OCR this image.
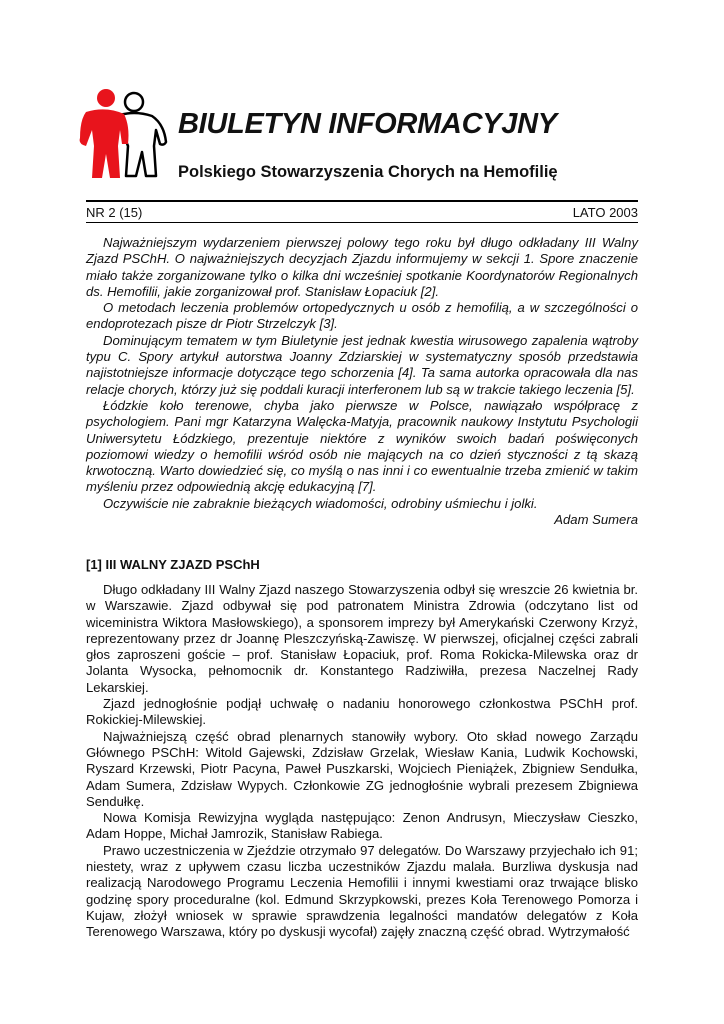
BIULETYN INFORMACYJNY
Polskiego Stowarzyszenia Chorych na Hemofilię
NR 2 (15)	LATO 2003

Najważniejszym wydarzeniem pierwszej polowy tego roku był długo odkładany III Walny Zjazd PSChH. O najważniejszych decyzjach Zjazdu informujemy w sekcji 1. Spore znaczenie miało także zorganizowane tylko o kilka dni wcześniej spotkanie Koordynatorów Regionalnych ds. Hemofilii, jakie zorganizował prof. Stanisław Łopaciuk [2].

O metodach leczenia problemów ortopedycznych u osób z hemofilią, a w szczególności o endoprotezach pisze dr Piotr Strzelczyk [3].

Dominującym tematem w tym Biuletynie jest jednak kwestia wirusowego zapalenia wątroby typu C. Spory artykuł autorstwa Joanny Zdziarskiej w systematyczny sposób przedstawia najistotniejsze informacje dotyczące tego schorzenia [4]. Ta sama autorka opracowała dla nas relacje chorych, którzy już się poddali kuracji interferonem lub są w trakcie takiego leczenia [5].

Łódzkie koło terenowe, chyba jako pierwsze w Polsce, nawiązało współpracę z psychologiem. Pani mgr Katarzyna Walęcka-Matyja, pracownik naukowy Instytutu Psychologii Uniwersytetu Łódzkiego, prezentuje niektóre z wyników swoich badań poświęconych poziomowi wiedzy o hemofilii wśród osób nie mających na co dzień styczności z tą skazą krwotoczną. Warto dowiedzieć się, co myślą o nas inni i co ewentualnie trzeba zmienić w takim myśleniu przez odpowiednią akcję edukacyjną [7].

Oczywiście nie zabraknie bieżących wiadomości, odrobiny uśmiechu i jolki.

Adam Sumera

[1] III WALNY ZJAZD PSChH

Długo odkładany III Walny Zjazd naszego Stowarzyszenia odbył się wreszcie 26 kwietnia br. w Warszawie. Zjazd odbywał się pod patronatem Ministra Zdrowia (odczytano list od wiceministra Wiktora Masłowskiego), a sponsorem imprezy był Amerykański Czerwony Krzyż, reprezentowany przez dr Joannę Pleszczyńską-Zawiszę. W pierwszej, oficjalnej części zabrali głos zaproszeni goście – prof. Stanisław Łopaciuk, prof. Roma Rokicka-Milewska oraz dr Jolanta Wysocka, pełnomocnik dr. Konstantego Radziwiłła, prezesa Naczelnej Rady Lekarskiej.

Zjazd jednogłośnie podjął uchwałę o nadaniu honorowego członkostwa PSChH prof. Rokickiej-Milewskiej.

Najważniejszą część obrad plenarnych stanowiły wybory. Oto skład nowego Zarządu Głównego PSChH: Witold Gajewski, Zdzisław Grzelak, Wiesław Kania, Ludwik Kochowski, Ryszard Krzewski, Piotr Pacyna, Paweł Puszkarski, Wojciech Pieniążek, Zbigniew Sendułka, Adam Sumera, Zdzisław Wypych. Członkowie ZG jednogłośnie wybrali prezesem Zbigniewa Sendułkę.

Nowa Komisja Rewizyjna wygląda następująco: Zenon Andrusyn, Mieczysław Cieszko, Adam Hoppe, Michał Jamrozik, Stanisław Rabiega.

Prawo uczestniczenia w Zjeździe otrzymało 97 delegatów. Do Warszawy przyjechało ich 91; niestety, wraz z upływem czasu liczba uczestników Zjazdu malała. Burzliwa dyskusja nad realizacją Narodowego Programu Leczenia Hemofilii i innymi kwestiami oraz trwające blisko godzinę spory proceduralne (kol. Edmund Skrzypkowski, prezes Koła Terenowego Pomorza i Kujaw, złożył wniosek w sprawie sprawdzenia legalności mandatów delegatów z Koła Terenowego Warszawa, który po dyskusji wycofał) zajęły znaczną część obrad. Wytrzymałość
